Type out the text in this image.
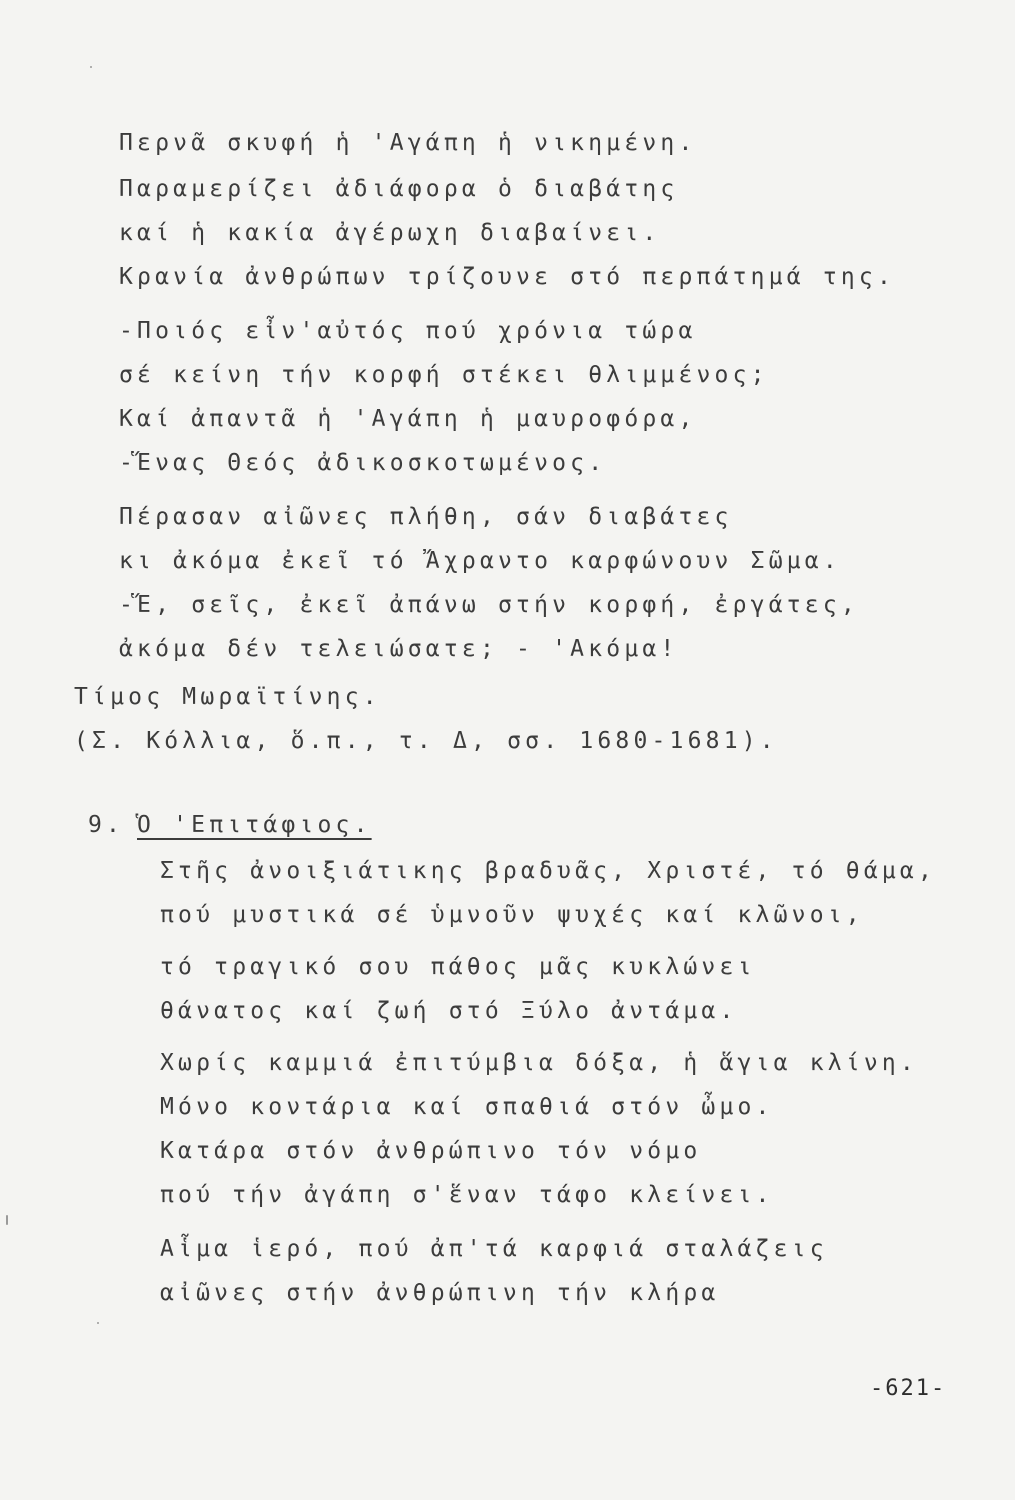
Περνᾶ σκυφή ἡ 'Αγάπη ἡ νικημένη.
Παραμερίζει ἀδιάφορα ὁ διαβάτης
καί ἡ κακία ἀγέρωχη διαβαίνει.
Κρανία ἀνθρώπων τρίζουνε στό περπάτημά της.
-Ποιός εἶν'αὐτός πού χρόνια τώρα
σέ κείνη τήν κορφή στέκει θλιμμένος;
Καί ἀπαντᾶ ἡ 'Αγάπη ἡ μαυροφόρα,
-Ἕνας Θεός ἀδικοσκοτωμένος.
Πέρασαν αἰῶνες πλήθη, σάν διαβάτες
κι ἀκόμα ἐκεῖ τό Ἄχραντο καρφώνουν Σῶμα.
-Ἕ, σεῖς, ἐκεῖ ἀπάνω στήν κορφή, ἐργάτες,
ἀκόμα δέν τελειώσατε; - 'Ακόμα!
Τίμος Μωραϊτίνης.
(Σ. Κόλλια, ὅ.π., τ. Δ, σσ. 1680-1681).
9. Ὁ 'Επιτάφιος.
Στῆς ἀνοιξιάτικης βραδυᾶς, Χριστέ, τό θάμα,
πού μυστικά σέ ὑμνοῦν ψυχές καί κλῶνοι,
τό τραγικό σου πάθος μᾶς κυκλώνει
θάνατος καί ζωή στό Ξύλο ἀντάμα.
Χωρίς καμμιά ἐπιτύμβια δόξα, ἡ ἅγια κλίνη.
Μόνο κοντάρια καί σπαθιά στόν ὦμο.
Κατάρα στόν ἀνθρώπινο τόν νόμο
πού τήν ἀγάπη σ'ἕναν τάφο κλείνει.
Αἷμα ἱερό, πού ἀπ'τά καρφιά σταλάζεις
αἰῶνες στήν ἀνθρώπινη τήν κλήρα
-621-
